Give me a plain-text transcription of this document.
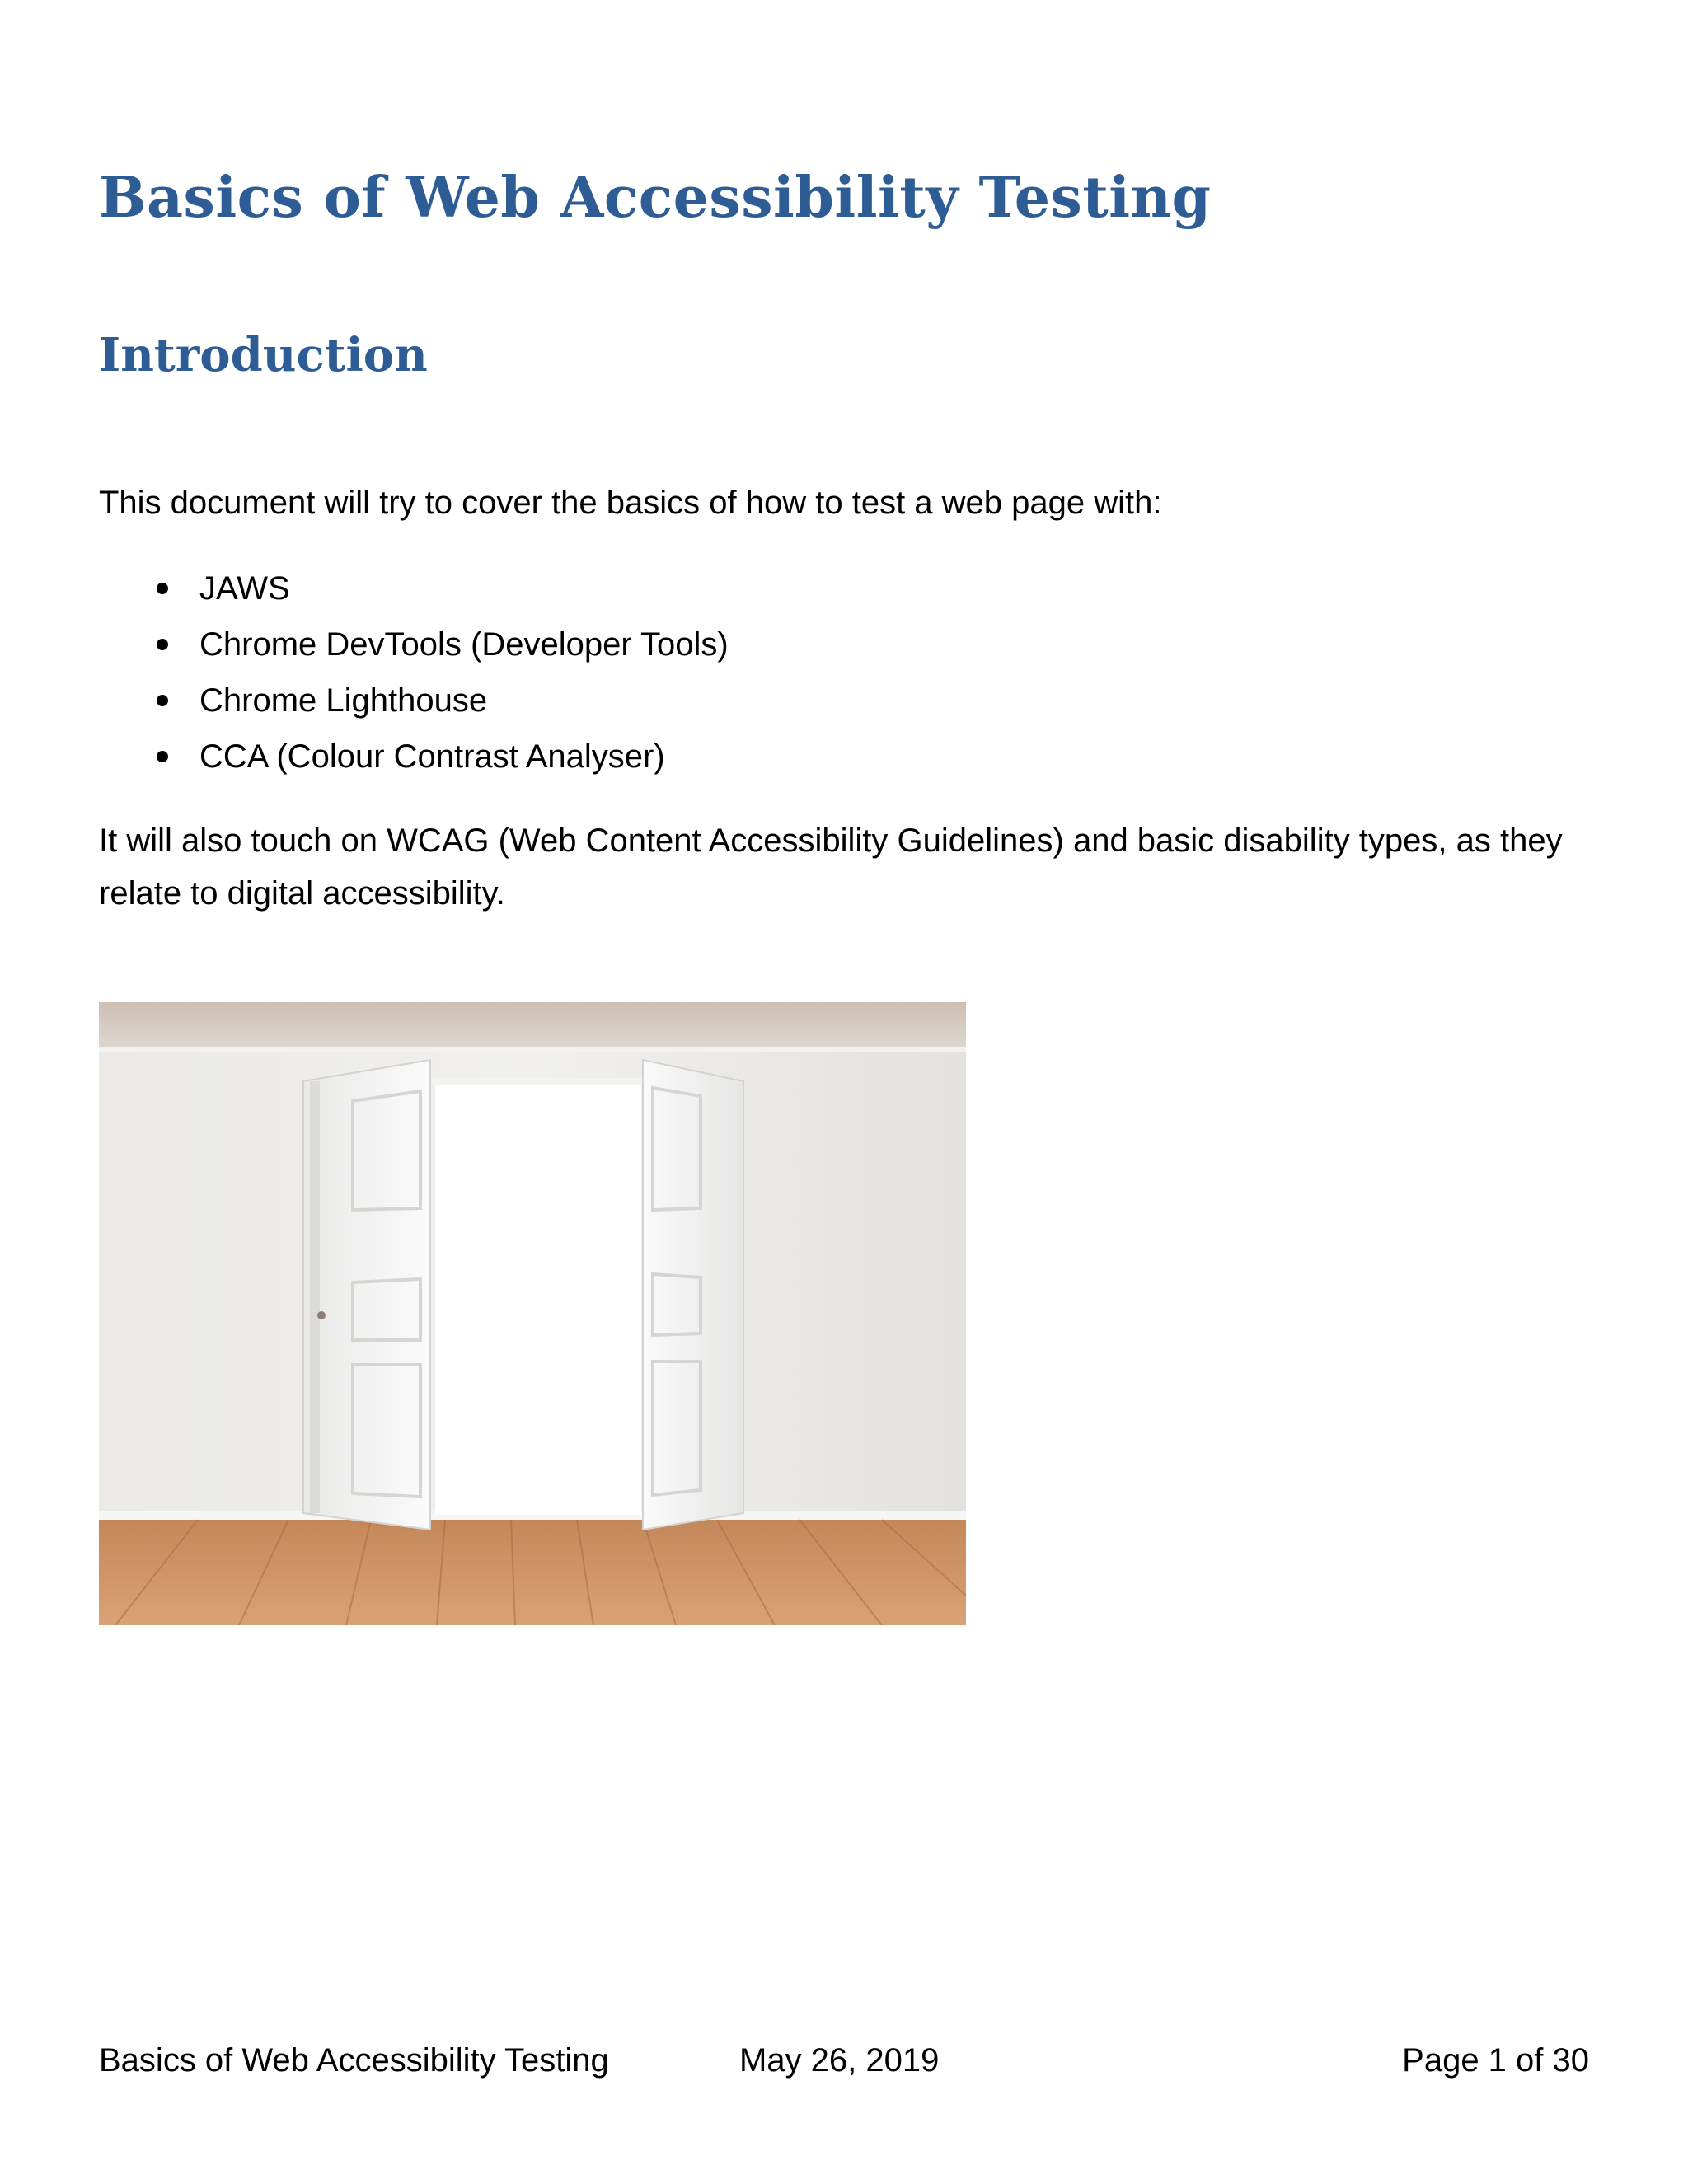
Basics of Web Accessibility Testing
Introduction

This document will try to cover the basics of how to test a web page with:

JAWS
Chrome DevTools (Developer Tools)
Chrome Lighthouse
CCA (Colour Contrast Analyser)

It will also touch on WCAG (Web Content Accessibility Guidelines) and basic disability types, as they relate to digital accessibility.

Basics of Web Accessibility Testing	May 26, 2019	Page 1 of 30
